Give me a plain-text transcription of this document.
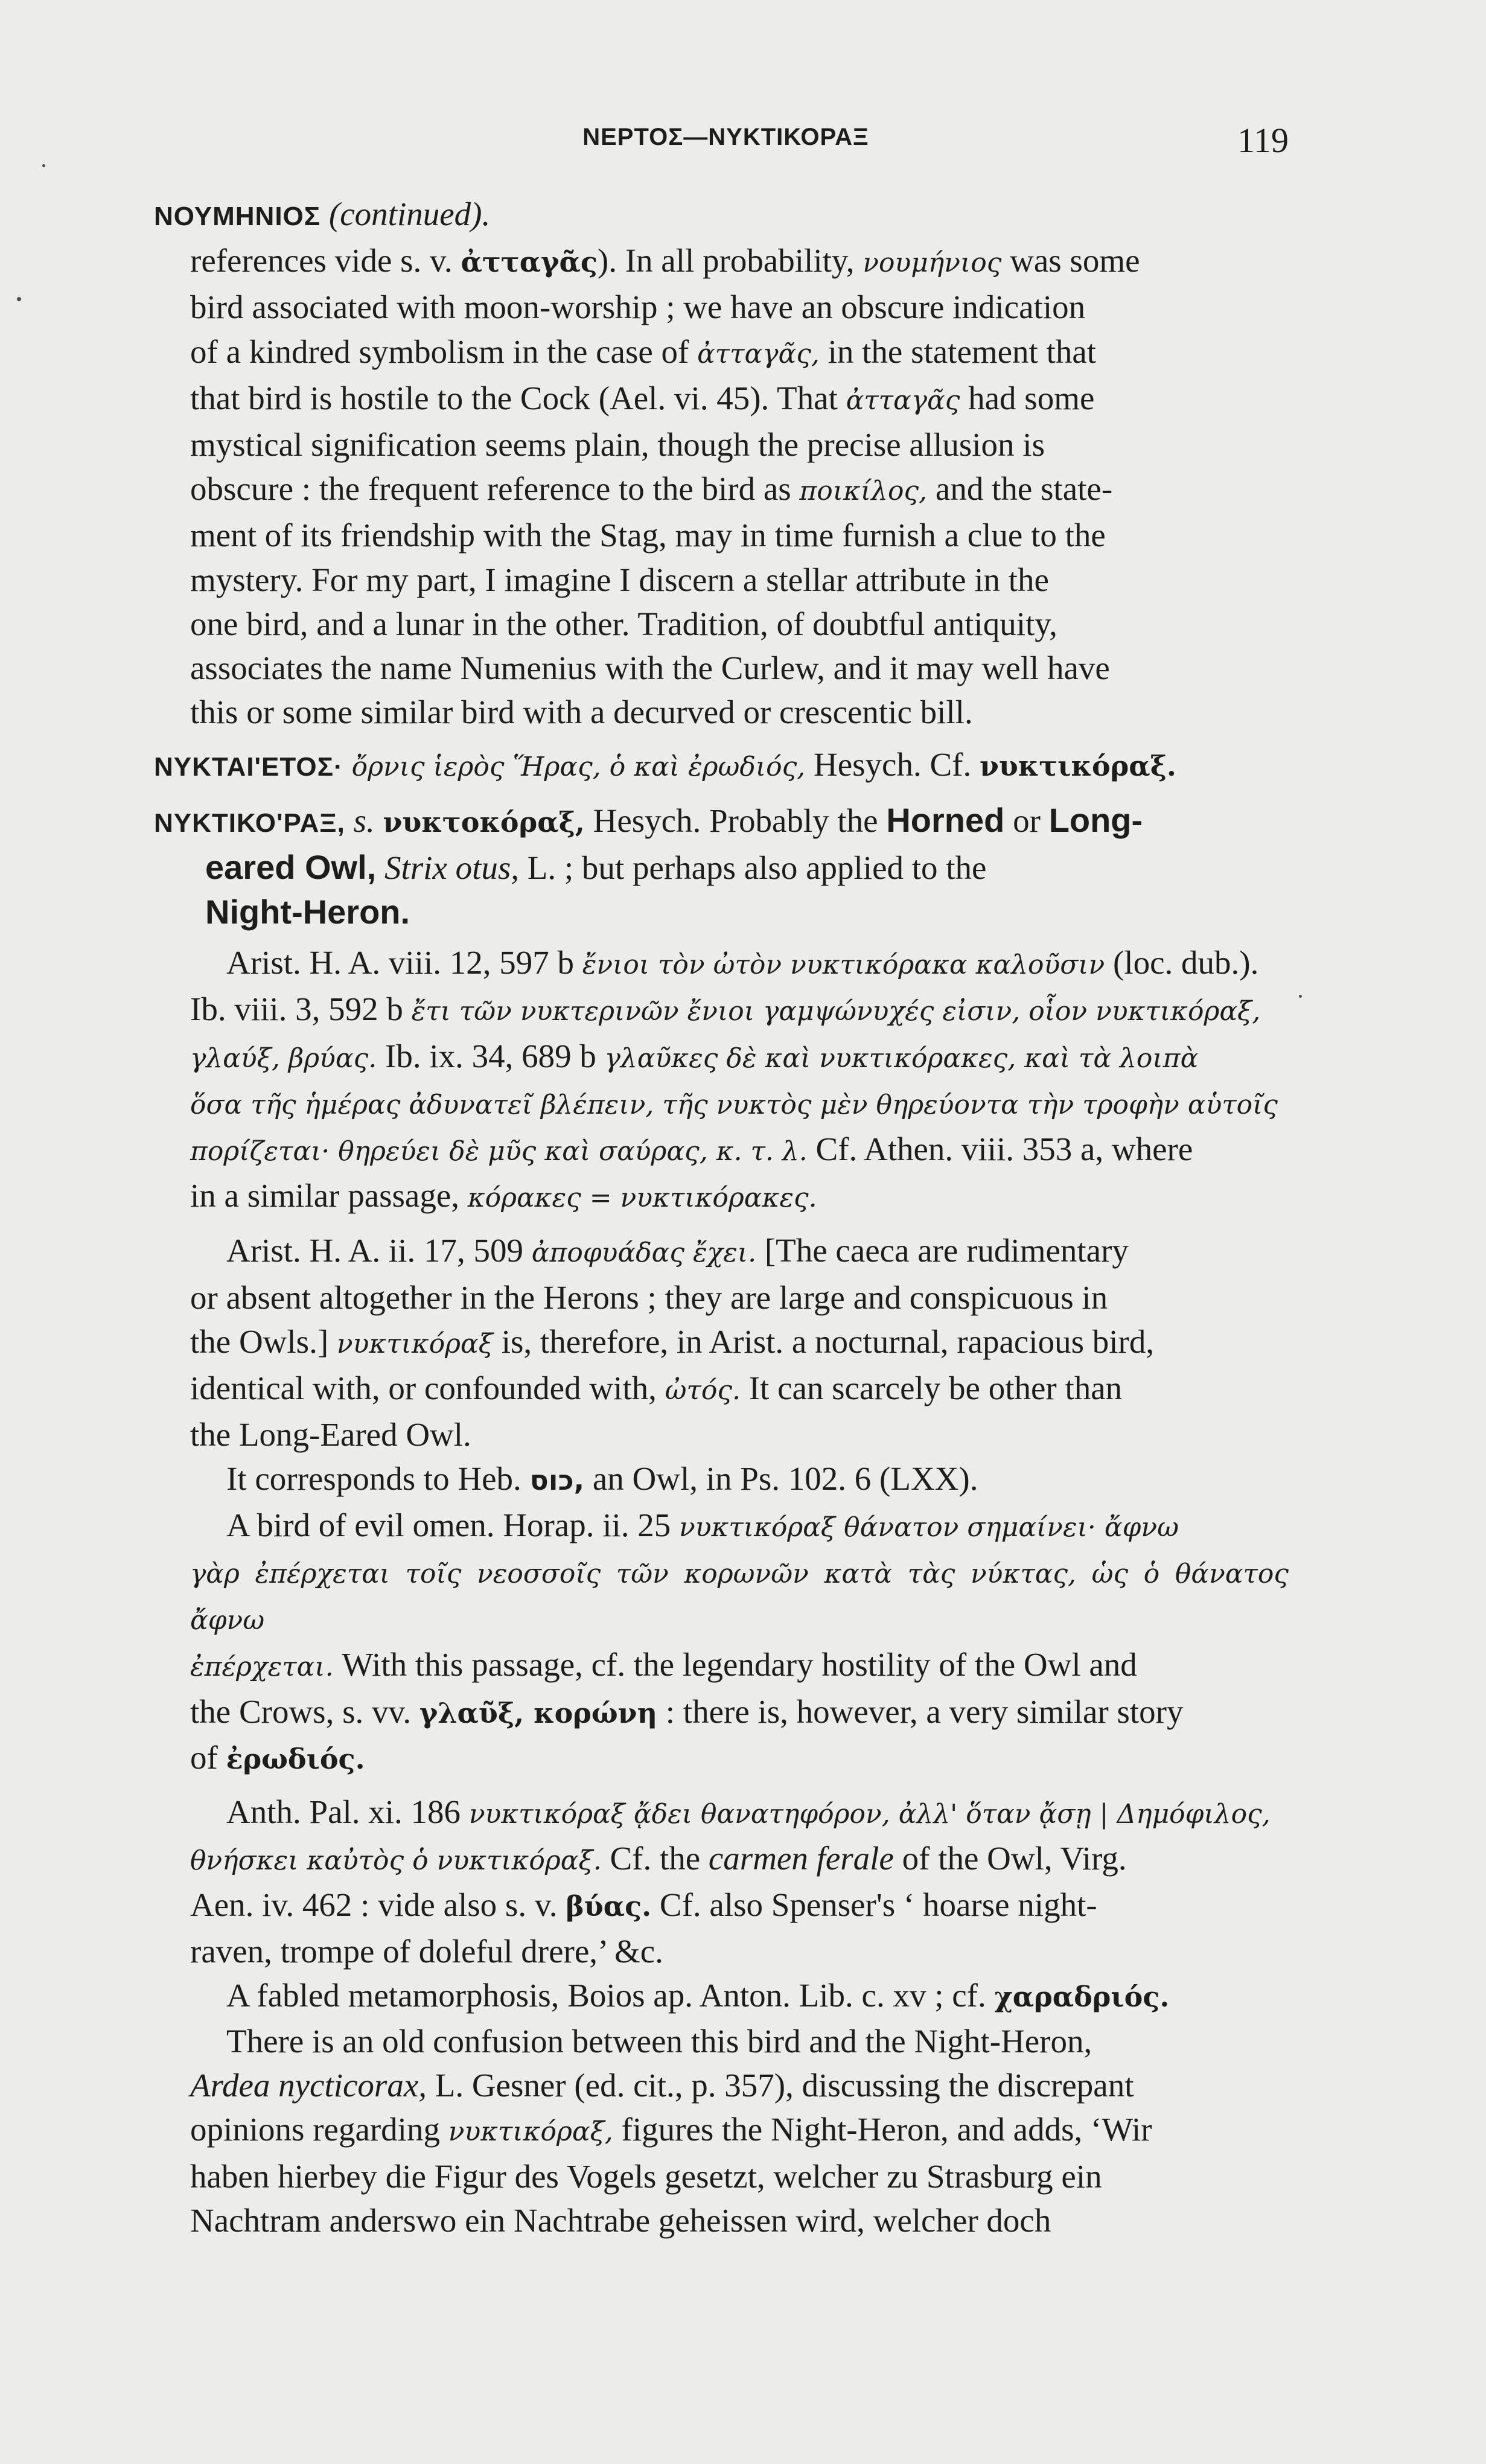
ΝΕΡΤΟΣ—ΝΥΚΤΙΚΟΡΑΞ	119

ΝΟΥΜΗΝΙΟΣ (continued).

references vide s. v. ἀτταγᾶς). In all probability, νουμήνιος was some

bird associated with moon-worship ; we have an obscure indication

of a kindred symbolism in the case of ἀτταγᾶς, in the statement that

that bird is hostile to the Cock (Ael. vi. 45). That ἀτταγᾶς had some

mystical signification seems plain, though the precise allusion is

obscure : the frequent reference to the bird as ποικίλος, and the state-

ment of its friendship with the Stag, may in time furnish a clue to the

mystery. For my part, I imagine I discern a stellar attribute in the

one bird, and a lunar in the other. Tradition, of doubtful antiquity,

associates the name Numenius with the Curlew, and it may well have

this or some similar bird with a decurved or crescentic bill.

ΝΥΚΤΑΙ'ΕΤΟΣ· ὄρνις ἱερὸς Ἥρας, ὁ καὶ ἐρωδιός, Hesych. Cf. νυκτικόραξ.

ΝΥΚΤΙΚΟ'ΡΑΞ, s. νυκτοκόραξ, Hesych. Probably the Horned or Long-
eared Owl, Strix otus, L. ; but perhaps also applied to the
Night-Heron.

Arist. H. A. viii. 12, 597 b ἔνιοι τὸν ὠτὸν νυκτικόρακα καλοῦσιν (loc. dub.).

Ib. viii. 3, 592 b ἔτι τῶν νυκτερινῶν ἔνιοι γαμψώνυχές εἰσιν, οἷον νυκτικόραξ,

γλαύξ, βρύας. Ib. ix. 34, 689 b γλαῦκες δὲ καὶ νυκτικόρακες, καὶ τὰ λοιπὰ

ὅσα τῆς ἡμέρας ἀδυνατεῖ βλέπειν, τῆς νυκτὸς μὲν θηρεύοντα τὴν τροφὴν αὑτοῖς

πορίζεται· θηρεύει δὲ μῦς καὶ σαύρας, κ. τ. λ. Cf. Athen. viii. 353 a, where

in a similar passage, κόρακες = νυκτικόρακες.

Arist. H. A. ii. 17, 509 ἀποφυάδας ἔχει. [The caeca are rudimentary

or absent altogether in the Herons ; they are large and conspicuous in

the Owls.] νυκτικόραξ is, therefore, in Arist. a nocturnal, rapacious bird,

identical with, or confounded with, ὠτός. It can scarcely be other than

the Long-Eared Owl.

It corresponds to Heb. כוס, an Owl, in Ps. 102. 6 (LXX).

A bird of evil omen. Horap. ii. 25 νυκτικόραξ θάνατον σημαίνει· ἄφνω

γὰρ ἐπέρχεται τοῖς νεοσσοῖς τῶν κορωνῶν κατὰ τὰς νύκτας, ὡς ὁ θάνατος ἄφνω

ἐπέρχεται. With this passage, cf. the legendary hostility of the Owl and

the Crows, s. vv. γλαῦξ, κορώνη : there is, however, a very similar story

of ἐρωδιός.

Anth. Pal. xi. 186 νυκτικόραξ ᾄδει θανατηφόρον, ἀλλ' ὅταν ᾄσῃ | Δημόφιλος,

θνήσκει καὐτὸς ὁ νυκτικόραξ. Cf. the carmen ferale of the Owl, Virg.

Aen. iv. 462 : vide also s. v. βύας. Cf. also Spenser's ‘ hoarse night-

raven, trompe of doleful drere,’ &c.

A fabled metamorphosis, Boios ap. Anton. Lib. c. xv ; cf. χαραδριός.

There is an old confusion between this bird and the Night-Heron,

Ardea nycticorax, L. Gesner (ed. cit., p. 357), discussing the discrepant

opinions regarding νυκτικόραξ, figures the Night-Heron, and adds, ‘Wir

haben hierbey die Figur des Vogels gesetzt, welcher zu Strasburg ein

Nachtram anderswo ein Nachtrabe geheissen wird, welcher doch
